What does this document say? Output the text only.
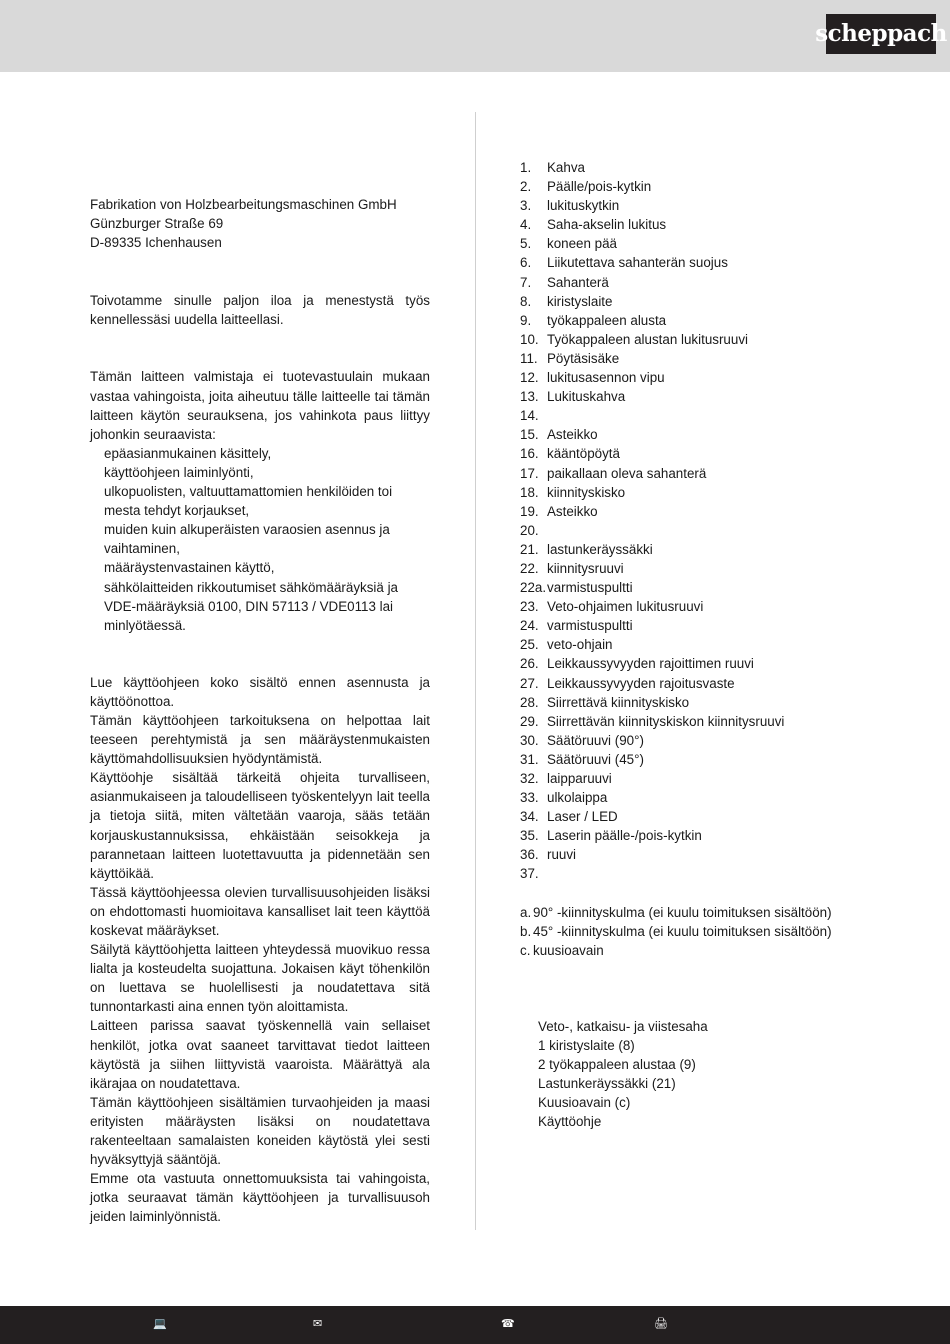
scheppach

Fabrikation von Holzbearbeitungsmaschinen GmbH

Günzburger Straße 69

D-89335 Ichenhausen

Toivotamme sinulle paljon iloa ja menestystä työs kennellessäsi uudella laitteellasi.

Tämän laitteen valmistaja ei tuotevastuulain mukaan vastaa vahingoista, joita aiheutuu tälle laitteelle tai tämän laitteen käytön seurauksena, jos vahinkota paus liittyy johonkin seuraavista:

epäasianmukainen käsittely,

käyttöohjeen laiminlyönti,

ulkopuolisten, valtuuttamattomien henkilöiden toi mesta tehdyt korjaukset,

muiden kuin alkuperäisten varaosien asennus ja vaihtaminen,

määräystenvastainen käyttö,

sähkölaitteiden rikkoutumiset sähkömääräyksiä ja VDE-määräyksiä 0100, DIN 57113 / VDE0113 lai minlyötäessä.

Lue käyttöohjeen koko sisältö ennen asennusta ja käyttöönottoa.

Tämän käyttöohjeen tarkoituksena on helpottaa lait teeseen perehtymistä ja sen määräystenmukaisten käyttömahdollisuuksien hyödyntämistä.

Käyttöohje sisältää tärkeitä ohjeita turvalliseen, asianmukaiseen ja taloudelliseen työskentelyyn lait teella ja tietoja siitä, miten vältetään vaaroja, sääs tetään korjauskustannuksissa, ehkäistään seisokkeja ja parannetaan laitteen luotettavuutta ja pidennetään sen käyttöikää.

Tässä käyttöohjeessa olevien turvallisuusohjeiden lisäksi on ehdottomasti huomioitava kansalliset lait teen käyttöä koskevat määräykset.

Säilytä käyttöohjetta laitteen yhteydessä muovikuo ressa lialta ja kosteudelta suojattuna. Jokaisen käyt töhenkilön on luettava se huolellisesti ja noudatettava sitä tunnontarkasti aina ennen työn aloittamista.

Laitteen parissa saavat työskennellä vain sellaiset henkilöt, jotka ovat saaneet tarvittavat tiedot laitteen käytöstä ja siihen liittyvistä vaaroista. Määrättyä ala ikärajaa on noudatettava.

Tämän käyttöohjeen sisältämien turvaohjeiden ja maasi erityisten määräysten lisäksi on noudatettava rakenteeltaan samalaisten koneiden käytöstä ylei sesti hyväksyttyjä sääntöjä.

Emme ota vastuuta onnettomuuksista tai vahingoista, jotka seuraavat tämän käyttöohjeen ja turvallisuusoh jeiden laiminlyönnistä.

1.	Kahva
2.	Päälle/pois-kytkin
3.	lukituskytkin
4.	Saha-akselin lukitus
5.	koneen pää
6.	Liikutettava sahanterän suojus
7.	Sahanterä
8.	kiristyslaite
9.	työkappaleen alusta
10. Työkappaleen alustan lukitusruuvi
11. Pöytäsisäke
12. lukitusasennon vipu
13. Lukituskahva
14.
15. Asteikko
16. kääntöpöytä
17. paikallaan oleva sahanterä
18. kiinnityskisko
19. Asteikko
20.
21. lastunkeräyssäkki
22. kiinnitysruuvi
22a. varmistuspultti
23. Veto-ohjaimen lukitusruuvi
24. varmistuspultti
25. veto-ohjain
26. Leikkaussyvyyden rajoittimen ruuvi
27. Leikkaussyvyyden rajoitusvaste
28. Siirrettävä kiinnityskisko
29. Siirrettävän kiinnityskiskon kiinnitysruuvi
30. Säätöruuvi (90°)
31. Säätöruuvi (45°)
32. laipparuuvi
33. ulkolaippa
34. Laser / LED
35. Laserin päälle-/pois-kytkin
36. ruuvi
37.
a. 90° -kiinnityskulma (ei kuulu toimituksen sisältöön)
b. 45° -kiinnityskulma (ei kuulu toimituksen sisältöön)
c. kuusioavain
Veto-, katkaisu- ja viistesaha
1 kiristyslaite (8)
2 työkappaleen alustaa (9)
Lastunkeräyssäkki (21)
Kuusioavain (c)
Käyttöohje
💻	✉	☎	🖨
